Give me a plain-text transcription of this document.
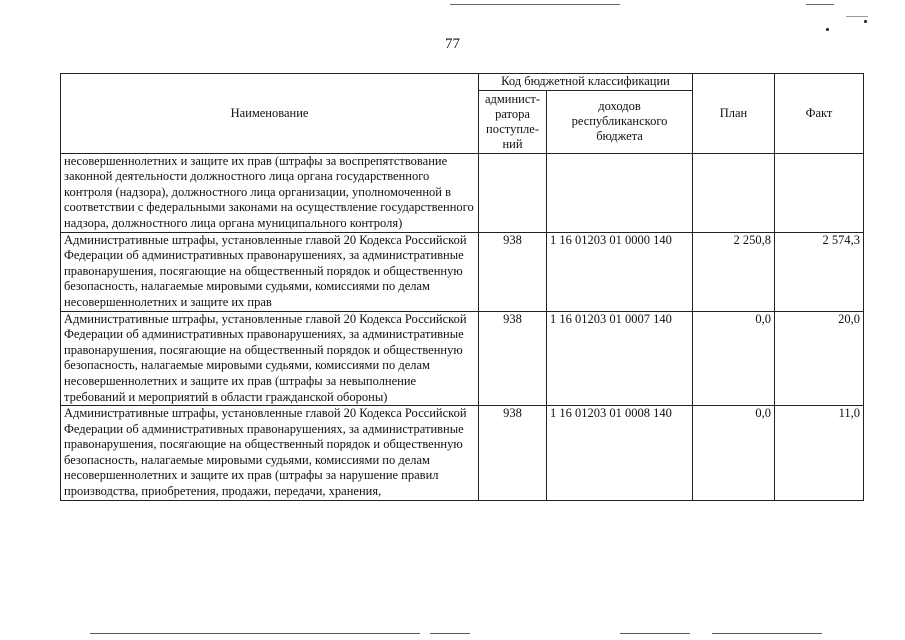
77
Наименование	Код бюджетной классификации		План	Факт
	админист-ратора поступле-ний	доходов республиканского бюджета		
несовершеннолетних и защите их прав (штрафы за воспрепятствование законной деятельности должностного лица органа государственного контроля (надзора), должностного лица организации, уполномоченной в соответствии с федеральными законами на осуществление государственного надзора, должностного лица органа муниципального контроля)				
Административные штрафы, установленные главой 20 Кодекса Российской Федерации об административных правонарушениях, за административные правонарушения, посягающие на общественный порядок и общественную безопасность, налагаемые мировыми судьями, комиссиями по делам несовершеннолетних и защите их прав	938	1 16 01203 01 0000 140	2 250,8	2 574,3
Административные штрафы, установленные главой 20 Кодекса Российской Федерации об административных правонарушениях, за административные правонарушения, посягающие на общественный порядок и общественную безопасность, налагаемые мировыми судьями, комиссиями по делам несовершеннолетних и защите их прав (штрафы за невыполнение требований и мероприятий в области гражданской обороны)	938	1 16 01203 01 0007 140	0,0	20,0
Административные штрафы, установленные главой 20 Кодекса Российской Федерации об административных правонарушениях, за административные правонарушения, посягающие на общественный порядок и общественную безопасность, налагаемые мировыми судьями, комиссиями по делам несовершеннолетних и защите их прав (штрафы за нарушение правил производства, приобретения, продажи, передачи, хранения,	938	1 16 01203 01 0008 140	0,0	11,0
